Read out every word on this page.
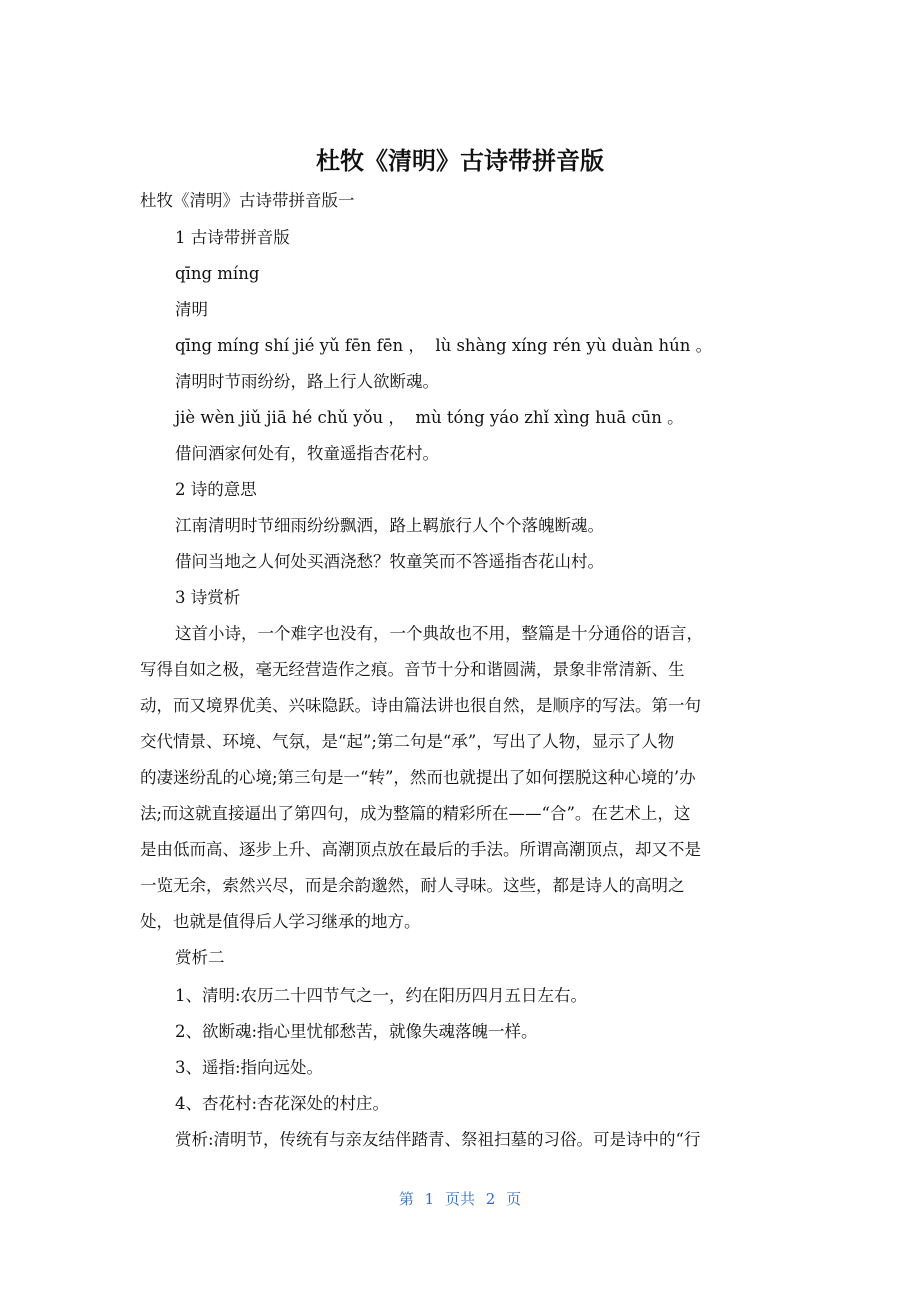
杜牧《清明》古诗带拼音版
杜牧《清明》古诗带拼音版一
1 古诗带拼音版
qīng míng
清明
qīng míng shí jié yǔ fēn fēn ，  lù shàng xíng rén yù duàn hún 。
清明时节雨纷纷，路上行人欲断魂。
jiè wèn jiǔ jiā hé chǔ yǒu ，  mù tóng yáo zhǐ xìng huā cūn 。
借问酒家何处有，牧童遥指杏花村。
2 诗的意思
江南清明时节细雨纷纷飘洒，路上羁旅行人个个落魄断魂。
借问当地之人何处买酒浇愁？牧童笑而不答遥指杏花山村。
3 诗赏析
这首小诗，一个难字也没有，一个典故也不用，整篇是十分通俗的语言，
写得自如之极，毫无经营造作之痕。音节十分和谐圆满，景象非常清新、生
动，而又境界优美、兴味隐跃。诗由篇法讲也很自然，是顺序的写法。第一句
交代情景、环境、气氛，是“起”;第二句是“承”，写出了人物，显示了人物
的凄迷纷乱的心境;第三句是一“转”，然而也就提出了如何摆脱这种心境的’办
法;而这就直接逼出了第四句，成为整篇的精彩所在——“合”。在艺术上，这
是由低而高、逐步上升、高潮顶点放在最后的手法。所谓高潮顶点，却又不是
一览无余，索然兴尽，而是余韵邈然，耐人寻味。这些，都是诗人的高明之
处，也就是值得后人学习继承的地方。
赏析二
1、清明:农历二十四节气之一，约在阳历四月五日左右。
2、欲断魂:指心里忧郁愁苦，就像失魂落魄一样。
3、遥指:指向远处。
4、杏花村:杏花深处的村庄。
赏析:清明节，传统有与亲友结伴踏青、祭祖扫墓的习俗。可是诗中的“行
第 1 页共 2 页
